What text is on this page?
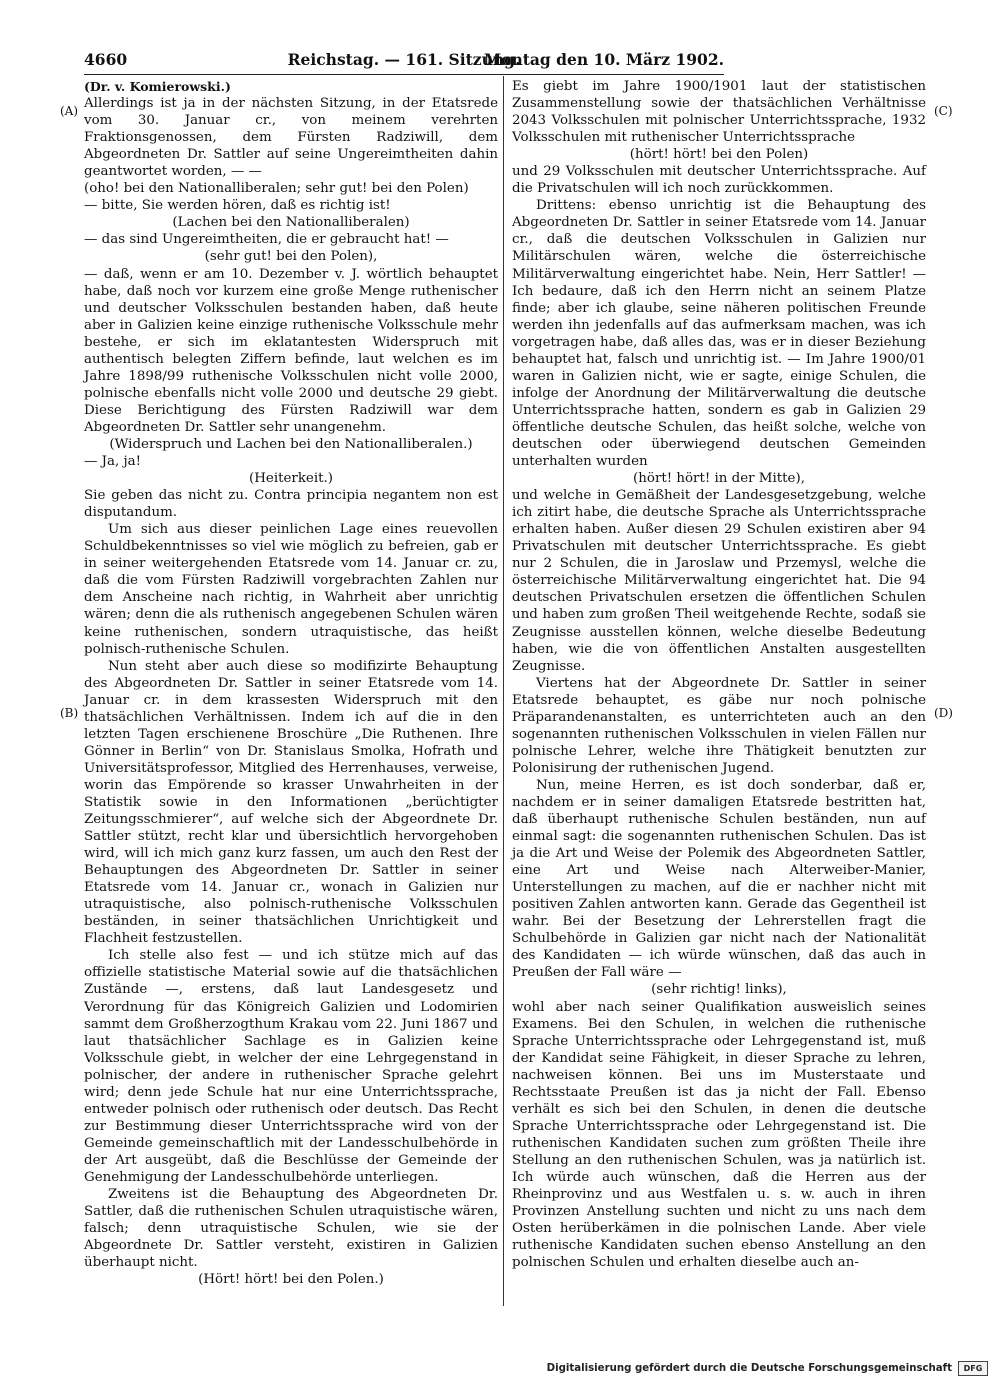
4660	Reichstag. — 161. Sitzung.
Montag den 10. März 1902.
(A)
(B)
(C)
(D)

(Dr. v. Komierowski.)

Allerdings ist ja in der nächsten Sitzung, in der Etatsrede vom 30. Januar cr., von meinem verehrten Fraktionsgenossen, dem Fürsten Radziwill, dem Abgeordneten Dr. Sattler auf seine Ungereimtheiten dahin geantwortet worden, — —

(oho! bei den Nationalliberalen; sehr gut! bei den Polen)

— bitte, Sie werden hören, daß es richtig ist!

(Lachen bei den Nationalliberalen)

— das sind Ungereimtheiten, die er gebraucht hat! —

(sehr gut! bei den Polen),

— daß, wenn er am 10. Dezember v. J. wörtlich behauptet habe, daß noch vor kurzem eine große Menge ruthenischer und deutscher Volksschulen bestanden haben, daß heute aber in Galizien keine einzige ruthenische Volksschule mehr bestehe, er sich im eklatantesten Widerspruch mit authentisch belegten Ziffern befinde, laut welchen es im Jahre 1898/99 ruthenische Volksschulen nicht volle 2000, polnische ebenfalls nicht volle 2000 und deutsche 29 giebt. Diese Berichtigung des Fürsten Radziwill war dem Abgeordneten Dr. Sattler sehr unangenehm.

(Widerspruch und Lachen bei den Nationalliberalen.)

— Ja, ja!

(Heiterkeit.)

Sie geben das nicht zu. Contra principia negantem non est disputandum.

Um sich aus dieser peinlichen Lage eines reuevollen Schuldbekenntnisses so viel wie möglich zu befreien, gab er in seiner weitergehenden Etatsrede vom 14. Januar cr. zu, daß die vom Fürsten Radziwill vorgebrachten Zahlen nur dem Anscheine nach richtig, in Wahrheit aber unrichtig wären; denn die als ruthenisch angegebenen Schulen wären keine ruthenischen, sondern utraquistische, das heißt polnisch-ruthenische Schulen.

Nun steht aber auch diese so modifizirte Behauptung des Abgeordneten Dr. Sattler in seiner Etatsrede vom 14. Januar cr. in dem krassesten Widerspruch mit den thatsächlichen Verhältnissen. Indem ich auf die in den letzten Tagen erschienene Broschüre „Die Ruthenen. Ihre Gönner in Berlin“ von Dr. Stanislaus Smolka, Hofrath und Universitätsprofessor, Mitglied des Herrenhauses, verweise, worin das Empörende so krasser Unwahrheiten in der Statistik sowie in den Informationen „berüchtigter Zeitungsschmierer“, auf welche sich der Abgeordnete Dr. Sattler stützt, recht klar und übersichtlich hervorgehoben wird, will ich mich ganz kurz fassen, um auch den Rest der Behauptungen des Abgeordneten Dr. Sattler in seiner Etatsrede vom 14. Januar cr., wonach in Galizien nur utraquistische, also polnisch-ruthenische Volksschulen beständen, in seiner thatsächlichen Unrichtigkeit und Flachheit festzustellen.

Ich stelle also fest — und ich stütze mich auf das offizielle statistische Material sowie auf die thatsächlichen Zustände —, erstens, daß laut Landesgesetz und Verordnung für das Königreich Galizien und Lodomirien sammt dem Großherzogthum Krakau vom 22. Juni 1867 und laut thatsächlicher Sachlage es in Galizien keine Volksschule giebt, in welcher der eine Lehrgegenstand in polnischer, der andere in ruthenischer Sprache gelehrt wird; denn jede Schule hat nur eine Unterrichtssprache, entweder polnisch oder ruthenisch oder deutsch. Das Recht zur Bestimmung dieser Unterrichtssprache wird von der Gemeinde gemeinschaftlich mit der Landesschulbehörde in der Art ausgeübt, daß die Beschlüsse der Gemeinde der Genehmigung der Landesschulbehörde unterliegen.

Zweitens ist die Behauptung des Abgeordneten Dr. Sattler, daß die ruthenischen Schulen utraquistische wären, falsch; denn utraquistische Schulen, wie sie der Abgeordnete Dr. Sattler versteht, existiren in Galizien überhaupt nicht.

(Hört! hört! bei den Polen.)

Es giebt im Jahre 1900/1901 laut der statistischen Zusammenstellung sowie der thatsächlichen Verhältnisse 2043 Volksschulen mit polnischer Unterrichtssprache, 1932 Volksschulen mit ruthenischer Unterrichtssprache

(hört! hört! bei den Polen)

und 29 Volksschulen mit deutscher Unterrichtssprache. Auf die Privatschulen will ich noch zurückkommen.

Drittens: ebenso unrichtig ist die Behauptung des Abgeordneten Dr. Sattler in seiner Etatsrede vom 14. Januar cr., daß die deutschen Volksschulen in Galizien nur Militärschulen wären, welche die österreichische Militärverwaltung eingerichtet habe. Nein, Herr Sattler! — Ich bedaure, daß ich den Herrn nicht an seinem Platze finde; aber ich glaube, seine näheren politischen Freunde werden ihn jedenfalls auf das aufmerksam machen, was ich vorgetragen habe, daß alles das, was er in dieser Beziehung behauptet hat, falsch und unrichtig ist. — Im Jahre 1900/01 waren in Galizien nicht, wie er sagte, einige Schulen, die infolge der Anordnung der Militärverwaltung die deutsche Unterrichtssprache hatten, sondern es gab in Galizien 29 öffentliche deutsche Schulen, das heißt solche, welche von deutschen oder überwiegend deutschen Gemeinden unterhalten wurden

(hört! hört! in der Mitte),

und welche in Gemäßheit der Landesgesetzgebung, welche ich zitirt habe, die deutsche Sprache als Unterrichtssprache erhalten haben. Außer diesen 29 Schulen existiren aber 94 Privatschulen mit deutscher Unterrichtssprache. Es giebt nur 2 Schulen, die in Jaroslaw und Przemysl, welche die österreichische Militärverwaltung eingerichtet hat. Die 94 deutschen Privatschulen ersetzen die öffentlichen Schulen und haben zum großen Theil weitgehende Rechte, sodaß sie Zeugnisse ausstellen können, welche dieselbe Bedeutung haben, wie die von öffentlichen Anstalten ausgestellten Zeugnisse.

Viertens hat der Abgeordnete Dr. Sattler in seiner Etatsrede behauptet, es gäbe nur noch polnische Präparandenanstalten, es unterrichteten auch an den sogenannten ruthenischen Volksschulen in vielen Fällen nur polnische Lehrer, welche ihre Thätigkeit benutzten zur Polonisirung der ruthenischen Jugend.

Nun, meine Herren, es ist doch sonderbar, daß er, nachdem er in seiner damaligen Etatsrede bestritten hat, daß überhaupt ruthenische Schulen beständen, nun auf einmal sagt: die sogenannten ruthenischen Schulen. Das ist ja die Art und Weise der Polemik des Abgeordneten Sattler, eine Art und Weise nach Alterweiber-Manier, Unterstellungen zu machen, auf die er nachher nicht mit positiven Zahlen antworten kann. Gerade das Gegentheil ist wahr. Bei der Besetzung der Lehrerstellen fragt die Schulbehörde in Galizien gar nicht nach der Nationalität des Kandidaten — ich würde wünschen, daß das auch in Preußen der Fall wäre —

(sehr richtig! links),

wohl aber nach seiner Qualifikation ausweislich seines Examens. Bei den Schulen, in welchen die ruthenische Sprache Unterrichtssprache oder Lehrgegenstand ist, muß der Kandidat seine Fähigkeit, in dieser Sprache zu lehren, nachweisen können. Bei uns im Musterstaate und Rechtsstaate Preußen ist das ja nicht der Fall. Ebenso verhält es sich bei den Schulen, in denen die deutsche Sprache Unterrichtssprache oder Lehrgegenstand ist. Die ruthenischen Kandidaten suchen zum größten Theile ihre Stellung an den ruthenischen Schulen, was ja natürlich ist. Ich würde auch wünschen, daß die Herren aus der Rheinprovinz und aus Westfalen u. s. w. auch in ihren Provinzen Anstellung suchten und nicht zu uns nach dem Osten herüberkämen in die polnischen Lande. Aber viele ruthenische Kandidaten suchen ebenso Anstellung an den polnischen Schulen und erhalten dieselbe auch an-

Digitalisierung gefördert durch die Deutsche Forschungsgemeinschaft	DFG
